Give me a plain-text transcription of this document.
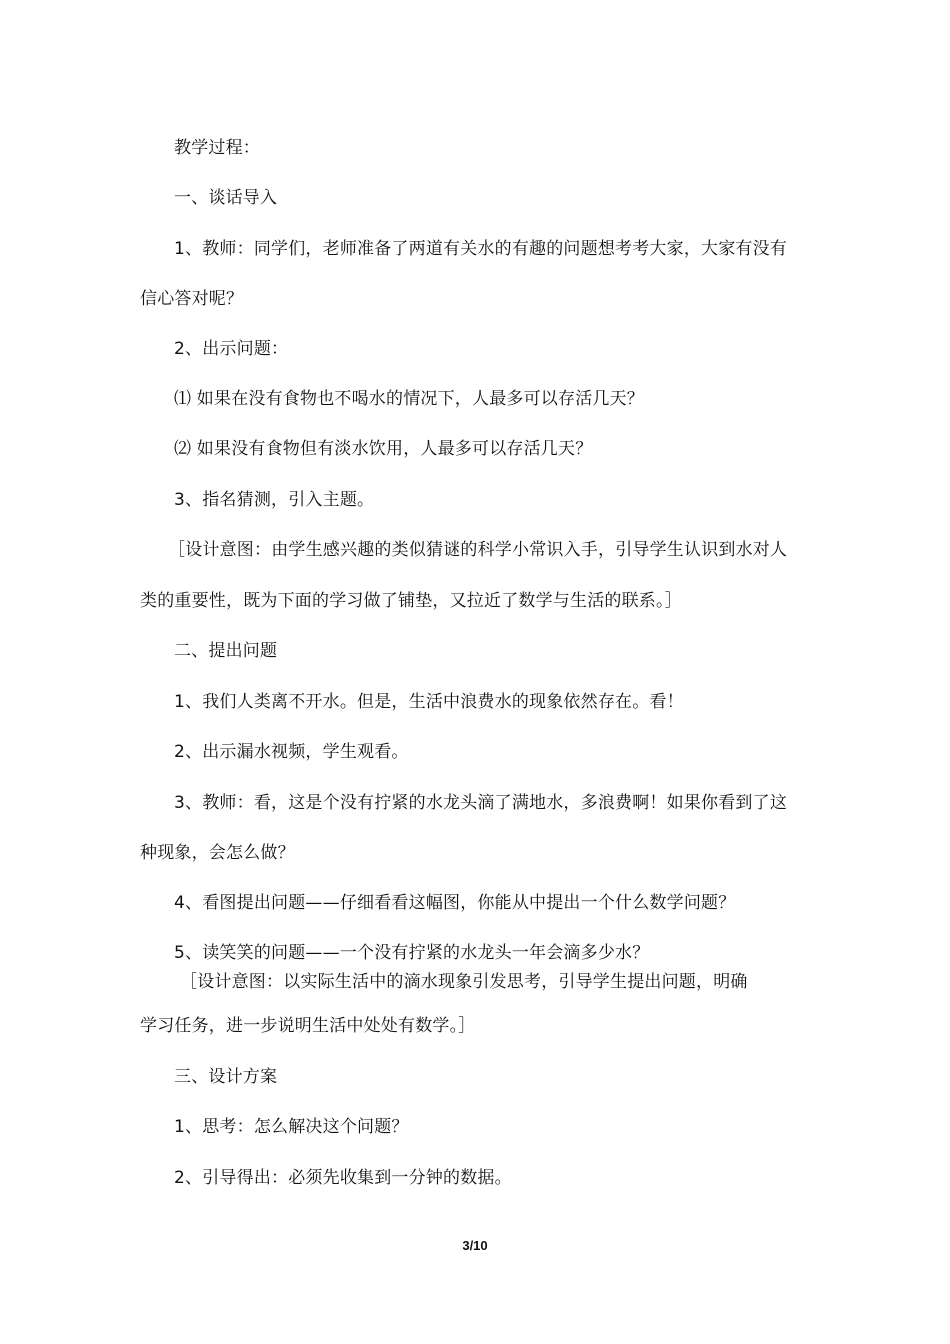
教学过程：
一、谈话导入
1、教师：同学们，老师准备了两道有关水的有趣的问题想考考大家，大家有没有
信心答对呢？
2、出示问题：
⑴ 如果在没有食物也不喝水的情况下，人最多可以存活几天？
⑵ 如果没有食物但有淡水饮用，人最多可以存活几天？
3、指名猜测，引入主题。
［设计意图：由学生感兴趣的类似猜谜的科学小常识入手，引导学生认识到水对人
类的重要性，既为下面的学习做了铺垫，又拉近了数学与生活的联系。］
二、提出问题
1、我们人类离不开水。但是，生活中浪费水的现象依然存在。看！
2、出示漏水视频，学生观看。
3、教师：看，这是个没有拧紧的水龙头滴了满地水，多浪费啊！如果你看到了这
种现象，会怎么做？
4、看图提出问题——仔细看看这幅图，你能从中提出一个什么数学问题？
5、读笑笑的问题——一个没有拧紧的水龙头一年会滴多少水？
［设计意图：以实际生活中的滴水现象引发思考，引导学生提出问题，明确
学习任务，进一步说明生活中处处有数学。］
三、设计方案
1、思考：怎么解决这个问题？
2、引导得出：必须先收集到一分钟的数据。
3/10
